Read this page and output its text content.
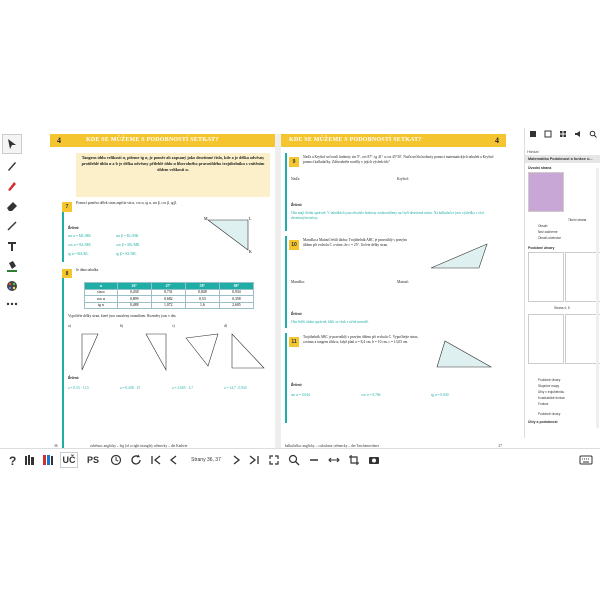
4	KDE SE MŮŽEME S PODOBNOSTÍ SETKAT?
Tangens úhlu velikosti α, píšeme tg α, je poměr ab zapsaný jako desetinné číslo, kde a je délka odvěsny protilehlé úhlu α a b je délka odvěsny přilehlé úhlu α libovolného pravoúhlého trojúhelníku s vnitřním úhlem velikosti α.
7
Pomocí poměru délek stran zapište sin α, cos α, tg α, sin β, cos β, tg β.
Řešení:
sin α = ML/MK	sin β = KL/MK
cos α = KL/MK	cos β = ML/MK
tg α = ML/KL	tg β = KL/ML
M	L
K
8
Je dána tabulka.
α	26°	47°	58°	69°
sin α	0,438	0,731	0,848	0,934
cos α	0,899	0,682	0,53	0,358
tg α	0,488	1,072	1,6	2,605
Vypočtěte délky stran, které jsou označeny otazníkem. Rozměry jsou v dm.
a)	b)	c)	d)
Řešení:
a = 0,53 · 11,5	a = 0,438 · 15	a = 2,605 · 3,7	a = 14,7 : 0,934
36	odvěsna: anglicky – leg (of a right triangle); německy – die Kathete
KDE SE MŮŽEME S PODOBNOSTÍ SETKAT?	4
9
Naďa a Kryštof určovali hodnoty sin 5°, cos 87°, tg 41° a cos 45°30′. Naďa určila hodnoty pomocí matematických tabulek a Kryštof pomocí kalkulačky. Zdůvodněte rozdíly v jejich výsledcích?
Naďa:	Kryštof:
Řešení:
Oba mají úlohu správně. V tabulkách jsou obvykle hodnoty zaokrouhleny na čtyři desetinná místa. Na kalkulačce jsou výsledky s více desetinnými místy.
10
Maruška a Matouš řešili úlohu: Trojúhelník ABC je pravoúhlý s pravým úhlem při vrcholu C a víme, že c = 25°. Určete délky stran.
Maruška:	Matouš:
Řešení:
Oba řešili úlohu správně, lišili se však v užité metodě.
11
Trojúhelník ABC je pravoúhlý s pravým úhlem při vrcholu C. Vypočítejte sinus, cosinus a tangens úhlu α, když platí a = 8,4 cm, b = 10 cm, c = 13,05 cm.
Řešení:
sin α = 0,644	cos α = 0,766	tg α = 0,840
kalkulačka: anglicky – calculator; německy – der Taschenrechner	37
Hledat
Matematika Podobnost a funkce ú...
Úvodní strana
Titulní strana
Obsah
Než začneme
Obsah učebnice
Podobné útvary
Strana 4, 5
Podobné útvary
Stupnice mapy
Úhly v trojúhelníku
Kvadratické funkce
Funkce
Podobné útvary
Úhly a podobnost
?	UČ	PS	Strany 36, 37
